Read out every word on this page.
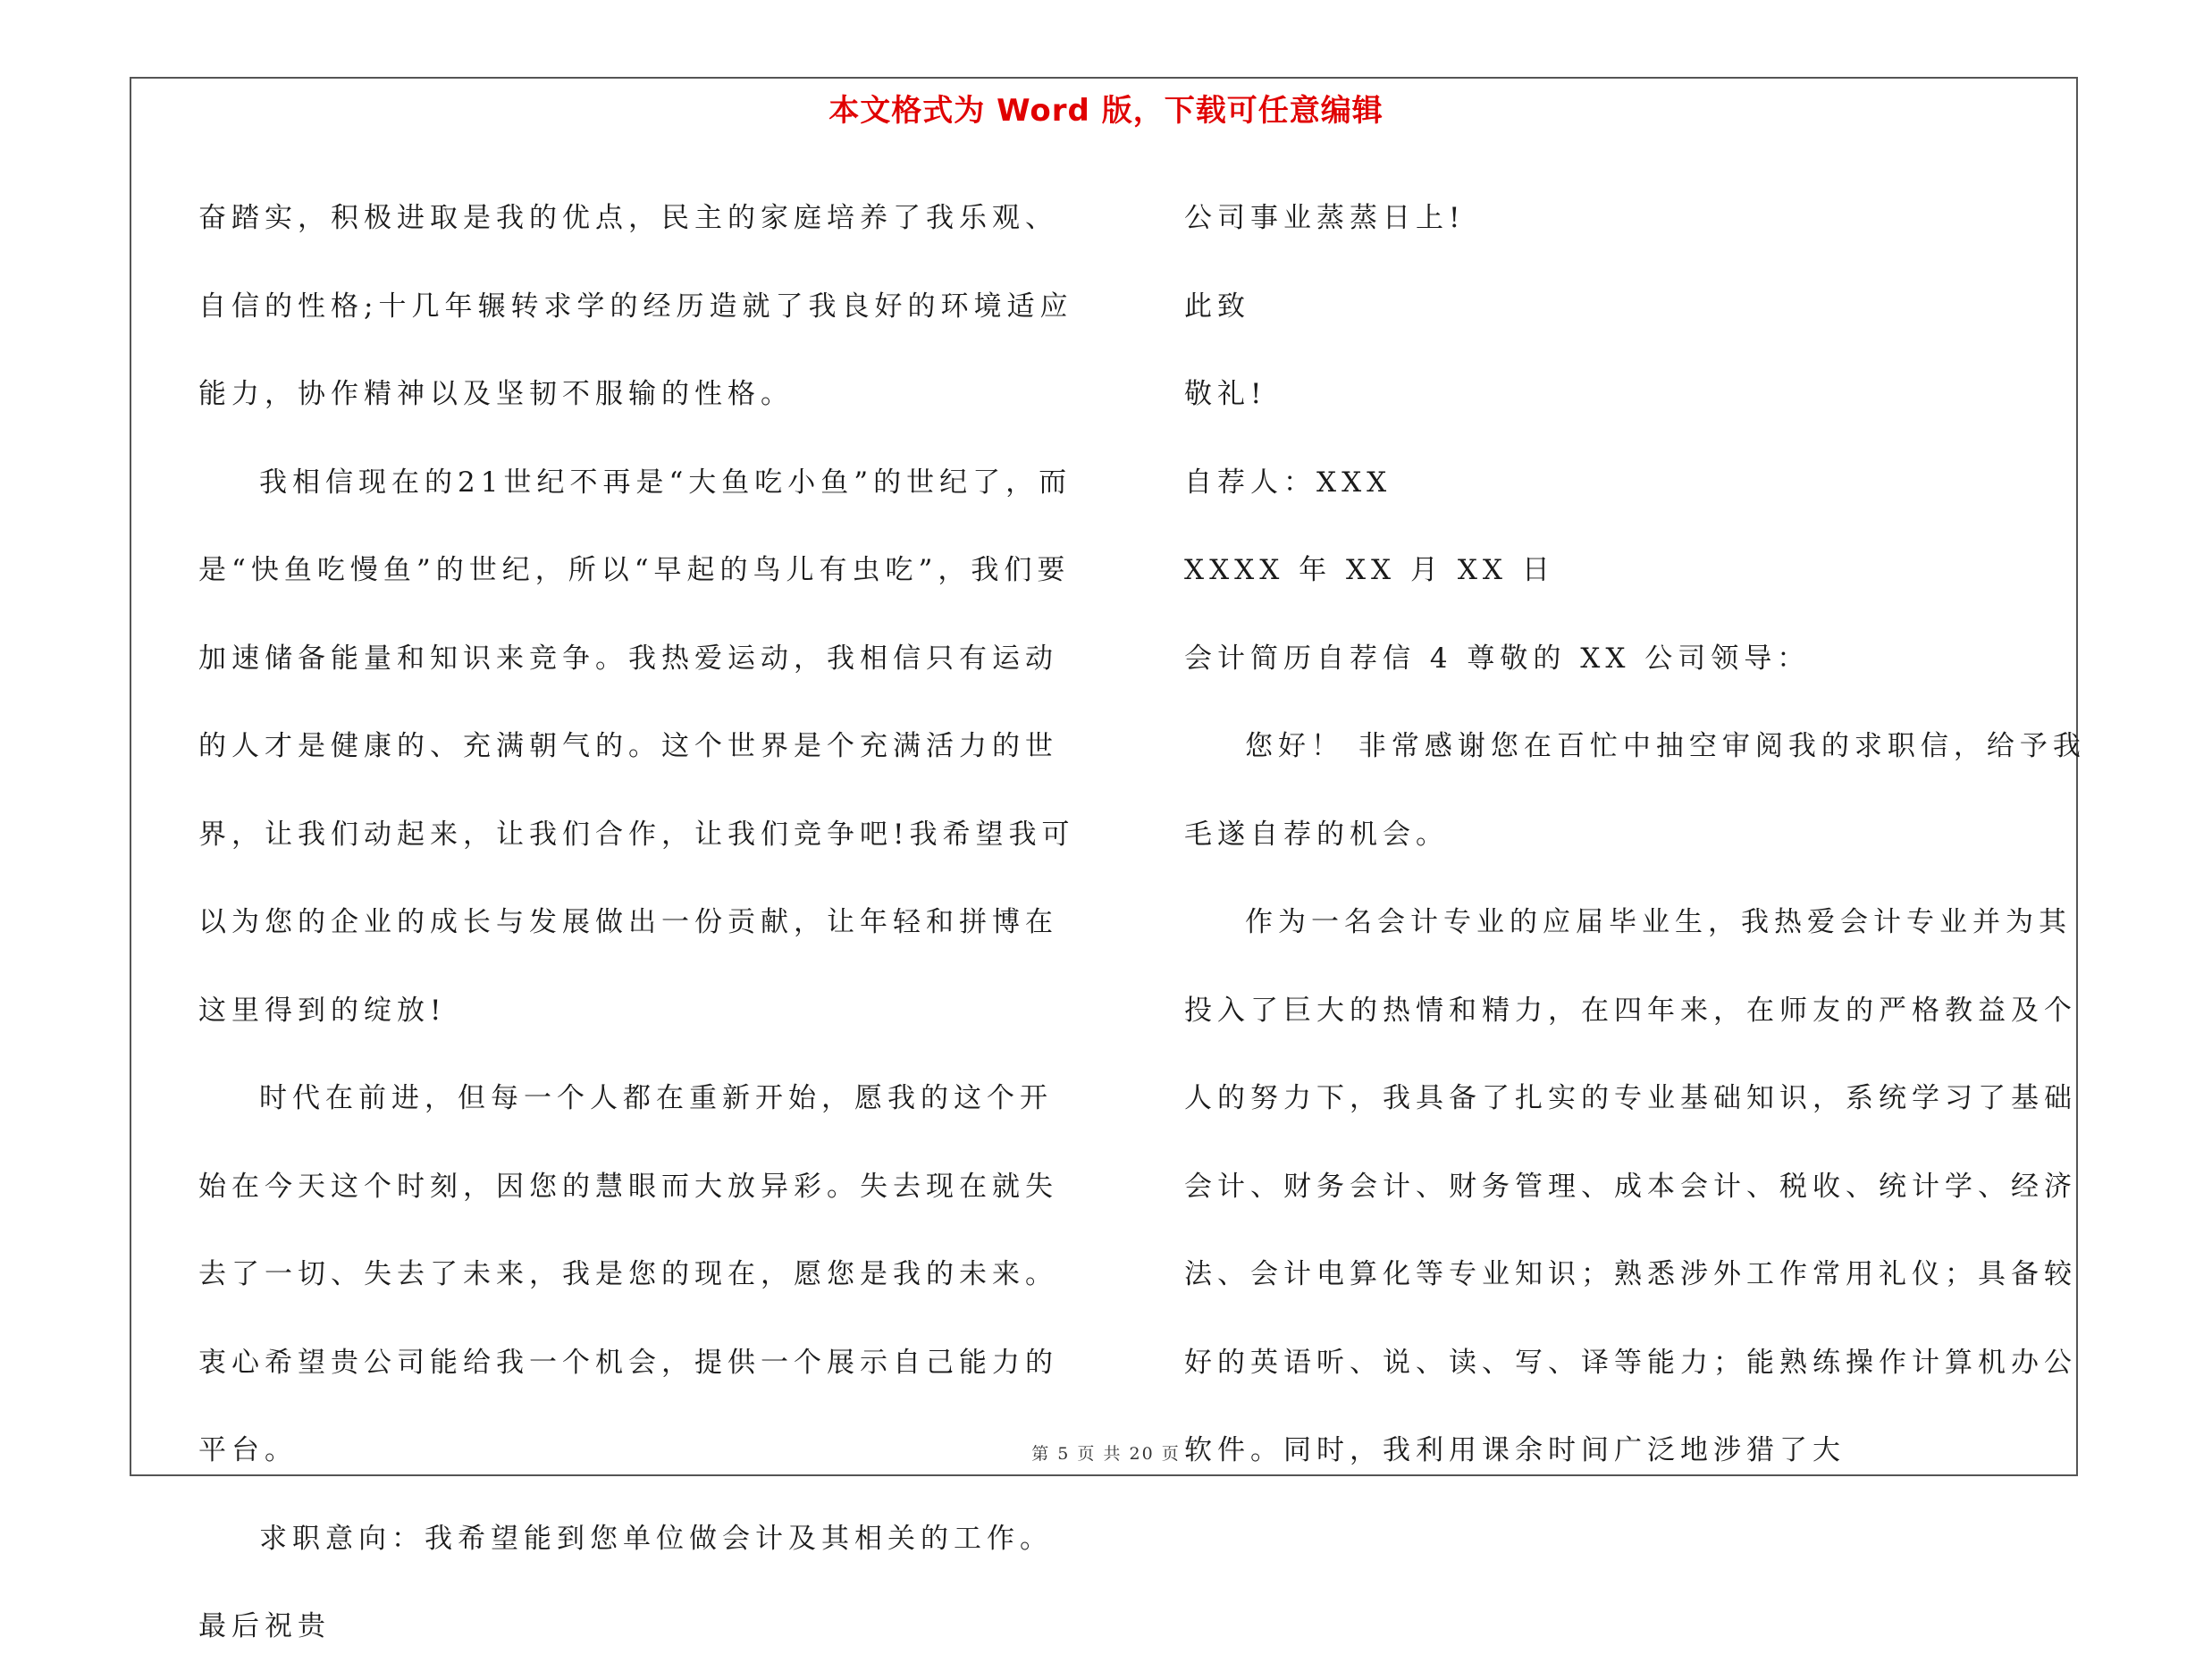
本文格式为 Word 版，下载可任意编辑

奋踏实，积极进取是我的优点，民主的家庭培养了我乐观、自信的性格;十几年辗转求学的经历造就了我良好的环境适应能力，协作精神以及坚韧不服输的性格。

我相信现在的21世纪不再是“大鱼吃小鱼”的世纪了，而是“快鱼吃慢鱼”的世纪，所以“早起的鸟儿有虫吃”，我们要加速储备能量和知识来竞争。我热爱运动，我相信只有运动的人才是健康的、充满朝气的。这个世界是个充满活力的世界，让我们动起来，让我们合作，让我们竞争吧!我希望我可以为您的企业的成长与发展做出一份贡献，让年轻和拼博在这里得到的绽放!

时代在前进，但每一个人都在重新开始，愿我的这个开始在今天这个时刻，因您的慧眼而大放异彩。失去现在就失去了一切、失去了未来，我是您的现在，愿您是我的未来。衷心希望贵公司能给我一个机会，提供一个展示自己能力的平台。

求职意向：我希望能到您单位做会计及其相关的工作。最后祝贵

公司事业蒸蒸日上!

此致

敬礼!

自荐人：XXX

XXXX 年 XX 月 XX 日

会计简历自荐信 4 尊敬的 XX 公司领导：

您好！ 非常感谢您在百忙中抽空审阅我的求职信，给予我毛遂自荐的机会。

作为一名会计专业的应届毕业生，我热爱会计专业并为其投入了巨大的热情和精力，在四年来，在师友的严格教益及个人的努力下，我具备了扎实的专业基础知识，系统学习了基础会计、财务会计、财务管理、成本会计、税收、统计学、经济法、会计电算化等专业知识；熟悉涉外工作常用礼仪；具备较好的英语听、说、读、写、译等能力；能熟练操作计算机办公软件。同时，我利用课余时间广泛地涉猎了大

第 5 页 共 20 页
